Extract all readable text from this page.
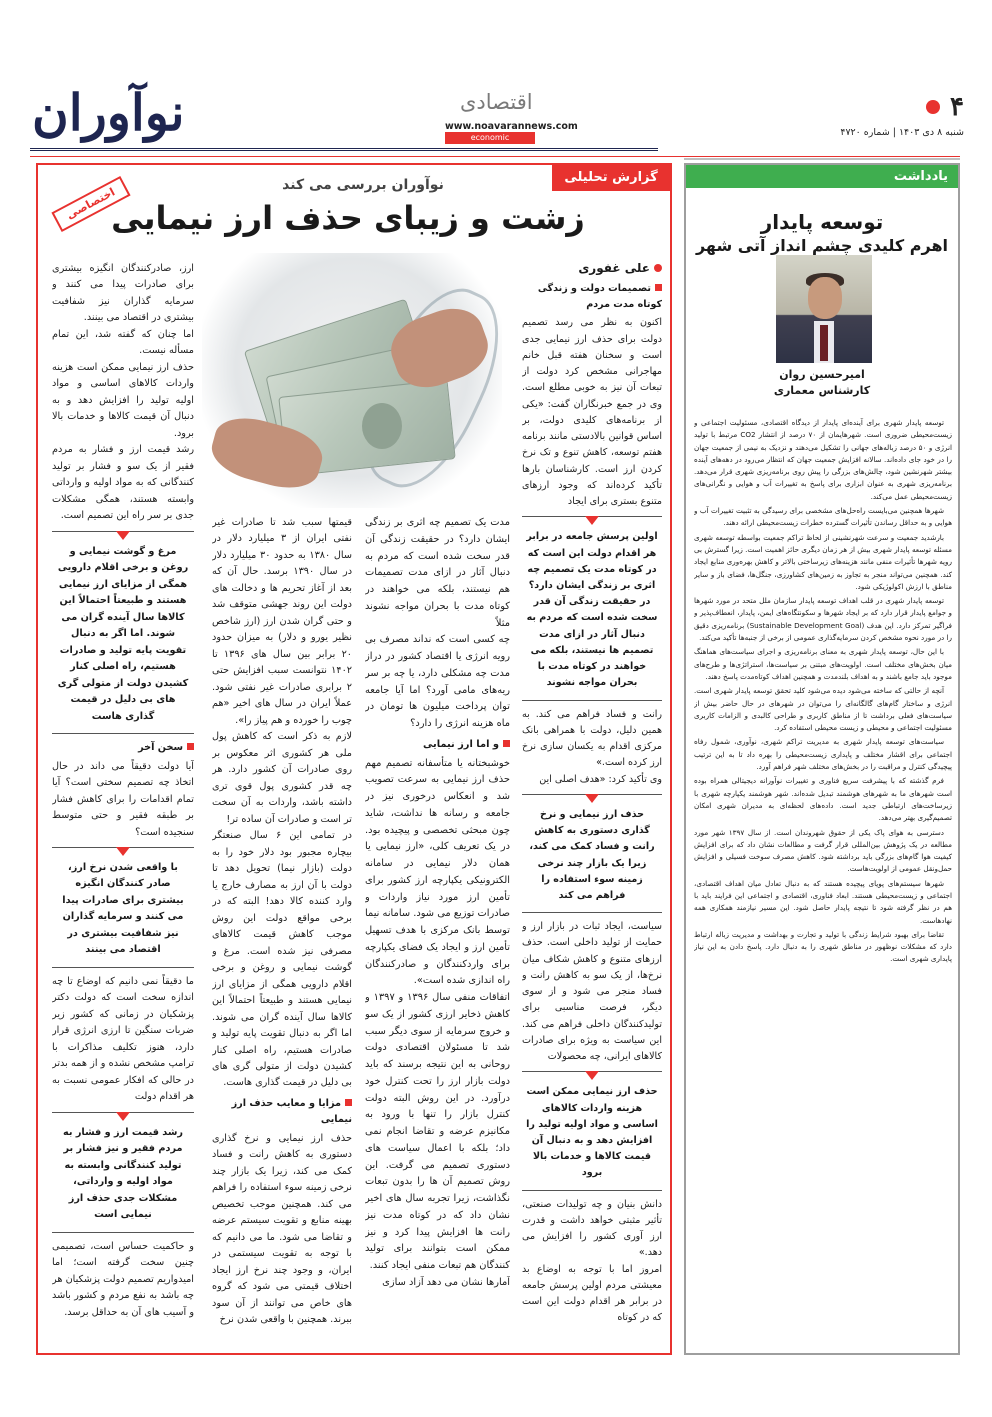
۴
شنبه ۸ دی ۱۴۰۳ | شماره ۴۷۲۰
اقتصادی
www.noavarannews.com
economic
نوآوران
یادداشت
توسعه پایدار
اهرم کلیدی چشم انداز آتی شهر
امیرحسین روان
کارشناس معماری

توسعه پایدار شهری برای آینده‌ای پایدار از دیدگاه اقتصادی، مسئولیت اجتماعی و زیست‌محیطی ضروری است. شهرهایمان از ۷۰ درصد از انتشار CO2 مرتبط با تولید انرژی و ۵۰ درصد زباله‌های جهانی را تشکیل می‌دهند و نزدیک به نیمی از جمعیت جهان را در خود جای داده‌اند. سالانه افزایش جمعیت جهان که انتظار می‌رود در دهه‌های آینده بیشتر شهرنشین شود، چالش‌های بزرگی را پیش روی برنامه‌ریزی شهری قرار می‌دهد. برنامه‌ریزی شهری به عنوان ابزاری برای پاسخ به تغییرات آب و هوایی و نگرانی‌های زیست‌محیطی عمل می‌کند.

شهرها همچنین می‌بایست راه‌حل‌های مشخصی برای رسیدگی به تثبیت تغییرات آب و هوایی و به حداقل رساندن تأثیرات گسترده خطرات زیست‌محیطی ارائه دهند.

بارشدید جمعیت و سرعت شهرنشینی از لحاظ تراکم جمعیت بواسطه توسعه شهری مسئله توسعه پایدار شهری بیش از هر زمان دیگری حائز اهمیت است. زیرا گسترش بی رویه شهرها تأثیرات منفی مانند هزینه‌های زیرساختی بالاتر و کاهش بهره‌وری منابع ایجاد کند. همچنین می‌تواند منجر به تجاوز به زمین‌های کشاورزی، جنگل‌ها، فضای باز و سایر مناطق با ارزش اکولوژیکی شود.

توسعه پایدار شهری در قلب اهداف توسعه پایدار سازمان ملل متحد در مورد شهرها و جوامع پایدار قرار دارد که بر ایجاد شهرها و سکونتگاه‌های ایمن، پایدار، انعطاف‌پذیر و فراگیر تمرکز دارد. این هدف (Sustainable Development Goal) برنامه‌ریزی دقیق را در مورد نحوه مشخص کردن سرمایه‌گذاری عمومی از برخی از جنبه‌ها تأکید می‌کند.

با این حال، توسعه پایدار شهری به معنای برنامه‌ریزی و اجرای سیاست‌های هماهنگ میان بخش‌های مختلف است. اولویت‌های مبتنی بر سیاست‌ها، استراتژی‌ها و طرح‌های موجود باید جامع باشند و به اهداف بلندمدت و همچنین اهداف کوتاه‌مدت پاسخ دهند.

آنچه از حالتی که ساخته می‌شود دیده می‌شود کلید تحقق توسعه پایدار شهری است. انرژی و ساختار گام‌های گالگانه‌ای را می‌توان در شهرهای در حال حاضر بیش از سیاست‌های فعلی برداشت تا از مناطق کاربری و طراحی کالبدی و الزامات کاربری مسئولیت اجتماعی و محیطی و زیست محیطی استفاده کرد.

سیاست‌های توسعه پایدار شهری به مدیریت تراکم شهری، نوآوری، شمول رفاه اجتماعی برای اقشار مختلف و پایداری زیست‌محیطی را بهره داد تا به این ترتیب پیچیدگی کنترل و مراقبت را در بخش‌های مختلف شهر فراهم آورد.

فرم گذشته که با پیشرفت سریع فناوری و تغییرات نوآورانه دیجیتالی همراه بوده است شهرهای ما به شهرهای هوشمند تبدیل شده‌اند. شهر هوشمند یکپارچه شهری با زیرساخت‌های ارتباطی جدید است. داده‌های لحظه‌ای به مدیران شهری امکان تصمیم‌گیری بهتر می‌دهد.

دسترسی به هوای پاک یکی از حقوق شهروندان است. از سال ۱۳۹۷ شهر مورد مطالعه در یک پژوهش بین‌المللی قرار گرفت و مطالعات نشان داد که برای افزایش کیفیت هوا گام‌های بزرگی باید برداشته شود. کاهش مصرف سوخت فسیلی و افزایش حمل‌ونقل عمومی از اولویت‌هاست.

شهرها سیستم‌های پویای پیچیده هستند که به دنبال تعادل میان اهداف اقتصادی، اجتماعی و زیست‌محیطی هستند. ابعاد فناوری، اقتصادی و اجتماعی این فرایند باید با هم در نظر گرفته شود تا نتیجه پایدار حاصل شود. این مسیر نیازمند همکاری همه نهادهاست.

تقاضا برای بهبود شرایط زندگی با تولید و تجارت و بهداشت و مدیریت زباله ارتباط دارد که مشکلات نوظهور در مناطق شهری را به دنبال دارد. پاسخ دادن به این نیاز پایداری شهری است.

گزارش تحلیلی
نوآوران بررسی می کند
زشت و زیبای حذف ارز نیمایی
اختصاصی
علی غفوری
تصمیمات دولت و زندگی کوتاه مدت مردم

اکنون به نظر می رسد تصمیم دولت برای حذف ارز نیمایی جدی است و سخنان هفته قبل خانم مهاجرانی مشخص کرد دولت از تبعات آن نیز به خوبی مطلع است. وی در جمع خبرنگاران گفت: «یکی از برنامه‌های کلیدی دولت، بر اساس قوانین بالادستی مانند برنامه هفتم توسعه، کاهش تنوع و تک نرخ کردن ارز است. کارشناسان بارها تأکید کرده‌اند که وجود ارزهای متنوع بستری برای ایجاد

اولین پرسش جامعه در برابر هر اقدام دولت این است که در کوتاه مدت یک تصمیم چه اثری بر زندگی ایشان دارد؟ در حقیقت زندگی آن قدر سخت شده است که مردم به دنبال آثار در ازای مدت تصمیم ها نیستند، بلکه می خواهند در کوتاه مدت با بحران مواجه نشوند

رانت و فساد فراهم می کند. به همین دلیل، دولت با همراهی بانک مرکزی اقدام به یکسان سازی نرخ ارز کرده است.»

وی تأکید کرد: «هدف اصلی این

حذف ارز نیمایی و نرخ گذاری دستوری به کاهش رانت و فساد کمک می کند، زیرا یک بازار چند نرخی زمینه سوء استفاده را فراهم می کند

سیاست، ایجاد ثبات در بازار ارز و حمایت از تولید داخلی است. حذف ارزهای متنوع و کاهش شکاف میان نرخ‌ها، از یک سو به کاهش رانت و فساد منجر می شود و از سوی دیگر، فرصت مناسبی برای تولیدکنندگان داخلی فراهم می کند. این سیاست به ویژه برای صادرات کالاهای ایرانی، چه محصولات

حذف ارز نیمایی ممکن است هزینه واردات کالاهای اساسی و مواد اولیه تولید را افزایش دهد و به دنبال آن قیمت کالاها و خدمات بالا برود

دانش بنیان و چه تولیدات صنعتی، تأثیر مثبتی خواهد داشت و قدرت ارز آوری کشور را افزایش می دهد.»

امروز اما با توجه به اوضاع بد معیشتی مردم اولین پرسش جامعه در برابر هر اقدام دولت این است که در کوتاه

مدت یک تصمیم چه اثری بر زندگی ایشان دارد؟ در حقیقت زندگی آن قدر سخت شده است که مردم به دنبال آثار در ازای مدت تصمیمات هم نیستند، بلکه می خواهند در کوتاه مدت با بحران مواجه نشوند مثلاً

چه کسی است که نداند مصرف بی رویه انرژی یا اقتصاد کشور در دراز مدت چه مشکلی دارد، یا چه بر سر ریه‌های مامی آورد؟ اما آیا جامعه توان پرداخت میلیون ها تومان در ماه هزینه انرژی را دارد؟

و اما ارز نیمایی

خوشبختانه یا متأسفانه تصمیم مهم حذف ارز نیمایی به سرعت تصویب شد و انعکاس درخوری نیز در جامعه و رسانه ها نداشت، شاید چون مبحثی تخصصی و پیچیده بود. در یک تعریف کلی، «ارز نیمایی یا همان دلار نیمایی در سامانه الکترونیکی یکپارچه ارز کشور برای تأمین ارز مورد نیاز واردات و صادرات توزیع می شود. سامانه نیما توسط بانک مرکزی با هدف تسهیل تأمین ارز و ایجاد یک فضای یکپارچه برای واردکنندگان و صادرکنندگان راه اندازی شده است».

اتفاقات منفی سال ۱۳۹۶ و ۱۳۹۷ و کاهش ذخایر ارزی کشور از یک سو و خروج سرمایه از سوی دیگر سبب شد تا مسئولان اقتصادی دولت روحانی به این نتیجه برسند که باید دولت بازار ارز را تحت کنترل خود درآورد. در این روش البته دولت کنترل بازار را تنها با ورود به مکانیزم عرضه و تقاضا انجام نمی داد؛ بلکه با اعمال سیاست های دستوری تصمیم می گرفت. این روش تصمیم آن ها را بدون تبعات نگذاشت، زیرا تجربه سال های اخیر نشان داد که در کوتاه مدت نیز رانت ها افزایش پیدا کرد و نیز ممکن است بتوانند برای تولید کنندگان هم تبعات منفی ایجاد کنند.

آمارها نشان می دهد آزاد سازی

قیمتها سبب شد تا صادرات غیر نفتی ایران از ۳ میلیارد دلار در سال ۱۳۸۰ به حدود ۳۰ میلیارد دلار در سال ۱۳۹۰ برسد. حال آن که بعد از آغاز تحریم ها و دخالت های دولت این روند جهشی متوقف شد و حتی گران شدن ارز (ارز شاخص نظیر یورو و دلار) به میزان حدود ۲۰ برابر بین سال های ۱۳۹۶ تا ۱۴۰۲ نتوانست سبب افزایش حتی ۲ برابری صادرات غیر نفتی شود. عملاً ایران در سال های اخیر «هم چوب را خورده و هم پیاز را».

لازم به ذکر است که کاهش پول ملی هر کشوری اثر معکوس بر روی صادرات آن کشور دارد. هر چه قدر کشوری پول قوی تری داشته باشد، واردات به آن سخت تر است و صادرات آن ساده تر!

در تمامی این ۶ سال صنعتگر بیچاره مجبور بود دلار خود را به دولت (بازار نیما) تحویل دهد تا دولت با آن ارز به مصارف خارج یا وارد کننده کالا دهد! البته که در برخی مواقع دولت این روش موجب کاهش قیمت کالاهای مصرفی نیز شده است. مرغ و گوشت نیمایی و روغن و برخی اقلام دارویی همگی از مزایای ارز نیمایی هستند و طبیعتاً احتمالاً این کالاها سال آینده گران می شوند. اما اگر به دنبال تقویت پایه تولید و صادرات هستیم، راه اصلی کنار کشیدن دولت از متولی گری های بی دلیل در قیمت گذاری هاست.

مزایا و معایب حذف ارز نیمایی

حذف ارز نیمایی و نرخ گذاری دستوری به کاهش رانت و فساد کمک می کند، زیرا یک بازار چند نرخی زمینه سوء استفاده را فراهم می کند. همچنین موجب تخصیص بهینه منابع و تقویت سیستم عرضه و تقاضا می شود. ما می دانیم که با توجه به تقویت سیستمی در ایران، و وجود چند نرخ ارز ایجاد اختلاف قیمتی می شود که گروه های خاص می توانند از آن سود ببرند. همچنین با واقعی شدن نرخ

ارز، صادرکنندگان انگیزه بیشتری برای صادرات پیدا می کنند و سرمایه گذاران نیز شفافیت بیشتری در اقتصاد می بینند.

اما چنان که گفته شد، این تمام مسأله نیست.

حذف ارز نیمایی ممکن است هزینه واردات کالاهای اساسی و مواد اولیه تولید را افزایش دهد و به دنبال آن قیمت کالاها و خدمات بالا برود.

رشد قیمت ارز و فشار به مردم فقیر از یک سو و فشار بر تولید کنندگانی که به مواد اولیه و وارداتی وابسته هستند، همگی مشکلات جدی بر سر راه این تصمیم است.

مرغ و گوشت نیمایی و روغن و برخی اقلام دارویی همگی از مزایای ارز نیمایی هستند و طبیعتاً احتمالاً این کالاها سال آینده گران می شوند. اما اگر به دنبال تقویت پایه تولید و صادرات هستیم، راه اصلی کنار کشیدن دولت از متولی گری های بی دلیل در قیمت گذاری هاست
سخن آخر

آیا دولت دقیقاً می داند در حال اتخاذ چه تصمیم سختی است؟ آیا تمام اقدامات را برای کاهش فشار بر طبقه فقیر و حتی متوسط سنجیده است؟

با واقعی شدن نرخ ارز، صادر کنندگان انگیزه بیشتری برای صادرات پیدا می کنند و سرمایه گذاران نیز شفافیت بیشتری در اقتصاد می بینند

ما دقیقاً نمی دانیم که اوضاع تا چه اندازه سخت است که دولت دکتر پزشکیان در زمانی که کشور زیر ضربات سنگین تا ارزی انرژی قرار دارد، هنوز تکلیف مذاکرات با ترامپ مشخص نشده و از همه بدتر در حالی که افکار عمومی نسبت به هر اقدام دولت

رشد قیمت ارز و فشار به مردم فقیر و نیز فشار بر تولید کنندگانی وابسته به مواد اولیه و وارداتی، مشکلات جدی حذف ارز نیمایی است

و حاکمیت حساس است، تصمیمی چنین سخت گرفته است؛ اما امیدواریم تصمیم دولت پزشکیان هر چه باشد به نفع مردم و کشور باشد و آسیب های آن به حداقل برسد.
